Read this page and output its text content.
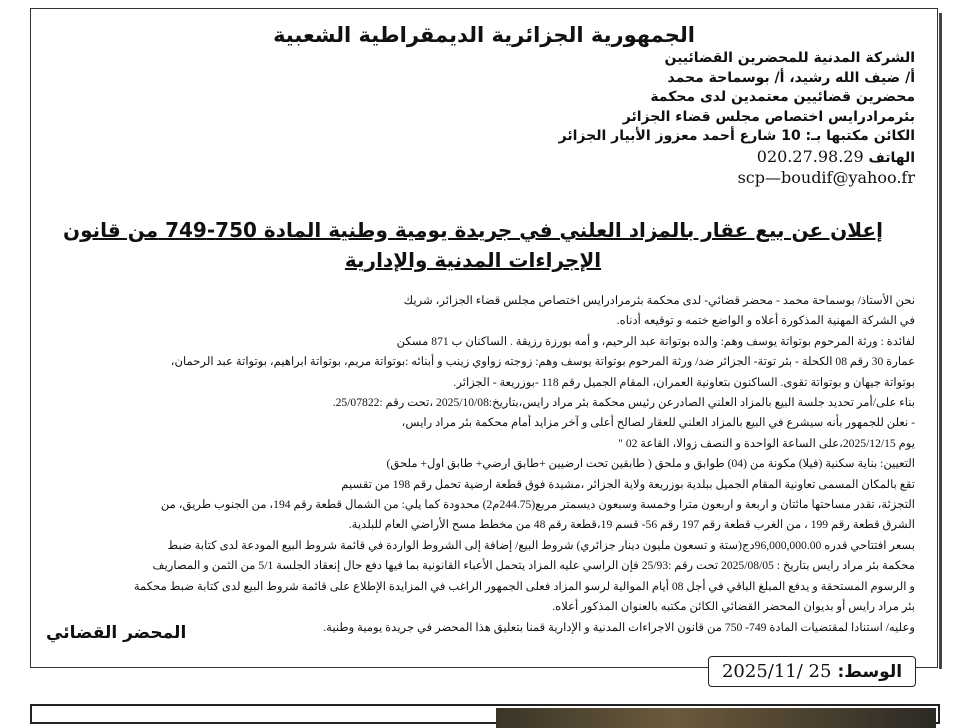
الجمهورية الجزائرية الديمقراطية الشعبية
الشركة المدنية للمحضرين القضائيين
أ/ ضيف الله رشيد، أ/ بوسماحة محمد
محضرين قضائيين معتمدين لدى محكمة
بئرمرادرايس اختصاص مجلس قضاء الجزائر
الكائن مكتبها بـ: 10 شارع أحمد معزوز الأبيار الجزائر
الهاتف 020.27.98.29
scp—boudif@yahoo.fr
إعلان عن بيع عقار بالمزاد العلني في جريدة يومية وطنية المادة 750-749 من قانون
الإجراءات المدنية والإدارية
نحن الأستاذ/ بوسماحة محمد - محضر قضائي- لدى محكمة بئرمرادرايس اختصاص مجلس قضاء الجزائر، شريك
في الشركة المهنية المذكورة أعلاه و الواضع ختمه و توقيعه أدناه.
لفائدة : ورثة المرحوم بوتواتة يوسف وهم: والده بوتواتة عبد الرحيم، و أمه بورزة رزيقة . الساكنان ب 871 مسكن
عمارة 30 رقم 08 الكحلة - بئر توتة- الجزائر ضد/ ورثة المرحوم بوتواتة يوسف وهم: زوجته زواوي زينب و أبنائه :بوتواتة مريم، بوتواتة ابراهيم، بوتواتة عبد الرحمان،
بوتواتة جيهان و بوتواتة تقوى. الساكنون بتعاونية العمران، المقام الجميل رقم 118 -بوزريعة - الجزائر.
بناء على/أمر تحديد جلسة البيع بالمزاد العلني الصادرعن رئيس محكمة بئر مراد رايس،بتاريخ:2025/10/08 ،تحت رقم :25/07822.
- نعلن للجمهور بأنه سيشرع في البيع بالمزاد العلني للعقار لصالح أعلى و آخر مزايد أمام محكمة بئر مراد رايس،
يوم 2025/12/15،على الساعة الواحدة و النصف زوالا، القاعة 02 "
التعيين: بناية سكنية (فيلا) مكونة من (04) طوابق و ملحق ( طابقين تحت ارضيين +طابق ارضي+ طابق اول+ ملحق)
تقع بالمكان المسمى تعاونية المقام الجميل ببلدية بوزريعة ولاية الجزائر ،مشيدة فوق قطعة ارضية تحمل رقم 198 من تقسيم
التجزئة، تقدر مساحتها مائتان و اربعة و اربعون مترا وخمسة وسبعون ديسمتر مربع(244.75م2) محدودة كما يلي: من الشمال قطعة رقم 194، من الجنوب طريق، من
الشرق قطعة رقم 199 ، من الغرب قطعة رقم 197 رقم 56- قسم 19،قطعة رقم 48 من مخطط مسح الأراضي العام للبلدية.
بسعر افتتاحي قدره 96,000,000.00دج(ستة و تسعون مليون دينار جزائري) شروط البيع/ إضافة إلى الشروط الواردة في قائمة شروط البيع المودعة لدى كتابة ضبط
محكمة بئر مراد رايس بتاريخ : 2025/08/05 تحت رقم :25/93 فإن الراسي عليه المزاد يتحمل الأعباء القانونية بما فيها دفع حال إنعقاد الجلسة 5/1 من الثمن و المصاريف
و الرسوم المستحقة و يدفع المبلغ الباقي في أجل 08 أيام الموالية لرسو المزاد فعلى الجمهور الراغب في المزايدة الإطلاع على قائمة شروط البيع لدى كتابة ضبط محكمة
بئر مراد رايس أو بديوان المحضر القضائي الكائن مكتبه بالعنوان المذكور أعلاه.
وعليه/ استنادا لمقتضيات المادة 749- 750 من قانون الاجراءات المدنية و الإدارية قمنا بتعليق هذا المحضر في جريدة يومية وطنية.
المحضر القضائي
الوسط:
2025/11/ 25
